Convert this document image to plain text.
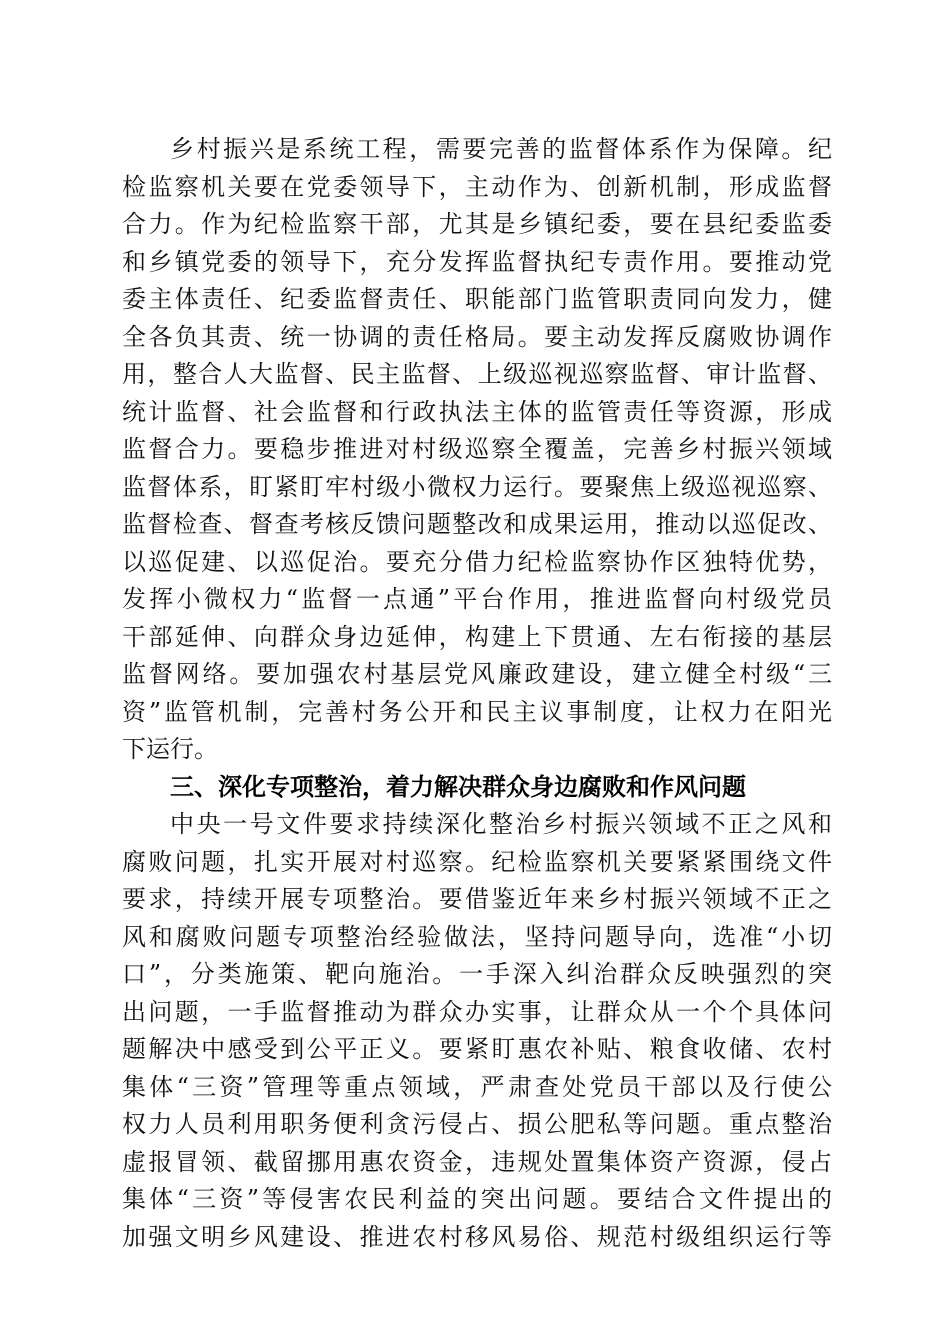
乡村振兴是系统工程，需要完善的监督体系作为保障。纪
检监察机关要在党委领导下，主动作为、创新机制，形成监督
合力。作为纪检监察干部，尤其是乡镇纪委，要在县纪委监委
和乡镇党委的领导下，充分发挥监督执纪专责作用。要推动党
委主体责任、纪委监督责任、职能部门监管职责同向发力，健
全各负其责、统一协调的责任格局。要主动发挥反腐败协调作
用，整合人大监督、民主监督、上级巡视巡察监督、审计监督、
统计监督、社会监督和行政执法主体的监管责任等资源，形成
监督合力。要稳步推进对村级巡察全覆盖，完善乡村振兴领域
监督体系，盯紧盯牢村级小微权力运行。要聚焦上级巡视巡察、
监督检查、督查考核反馈问题整改和成果运用，推动以巡促改、
以巡促建、以巡促治。要充分借力纪检监察协作区独特优势，
发挥小微权力“监督一点通”平台作用，推进监督向村级党员
干部延伸、向群众身边延伸，构建上下贯通、左右衔接的基层
监督网络。要加强农村基层党风廉政建设，建立健全村级“三
资”监管机制，完善村务公开和民主议事制度，让权力在阳光
下运行。
三、深化专项整治，着力解决群众身边腐败和作风问题
中央一号文件要求持续深化整治乡村振兴领域不正之风和
腐败问题，扎实开展对村巡察。纪检监察机关要紧紧围绕文件
要求，持续开展专项整治。要借鉴近年来乡村振兴领域不正之
风和腐败问题专项整治经验做法，坚持问题导向，选准“小切
口”，分类施策、靶向施治。一手深入纠治群众反映强烈的突
出问题，一手监督推动为群众办实事，让群众从一个个具体问
题解决中感受到公平正义。要紧盯惠农补贴、粮食收储、农村
集体“三资”管理等重点领域，严肃查处党员干部以及行使公
权力人员利用职务便利贪污侵占、损公肥私等问题。重点整治
虚报冒领、截留挪用惠农资金，违规处置集体资产资源，侵占
集体“三资”等侵害农民利益的突出问题。要结合文件提出的
加强文明乡风建设、推进农村移风易俗、规范村级组织运行等
